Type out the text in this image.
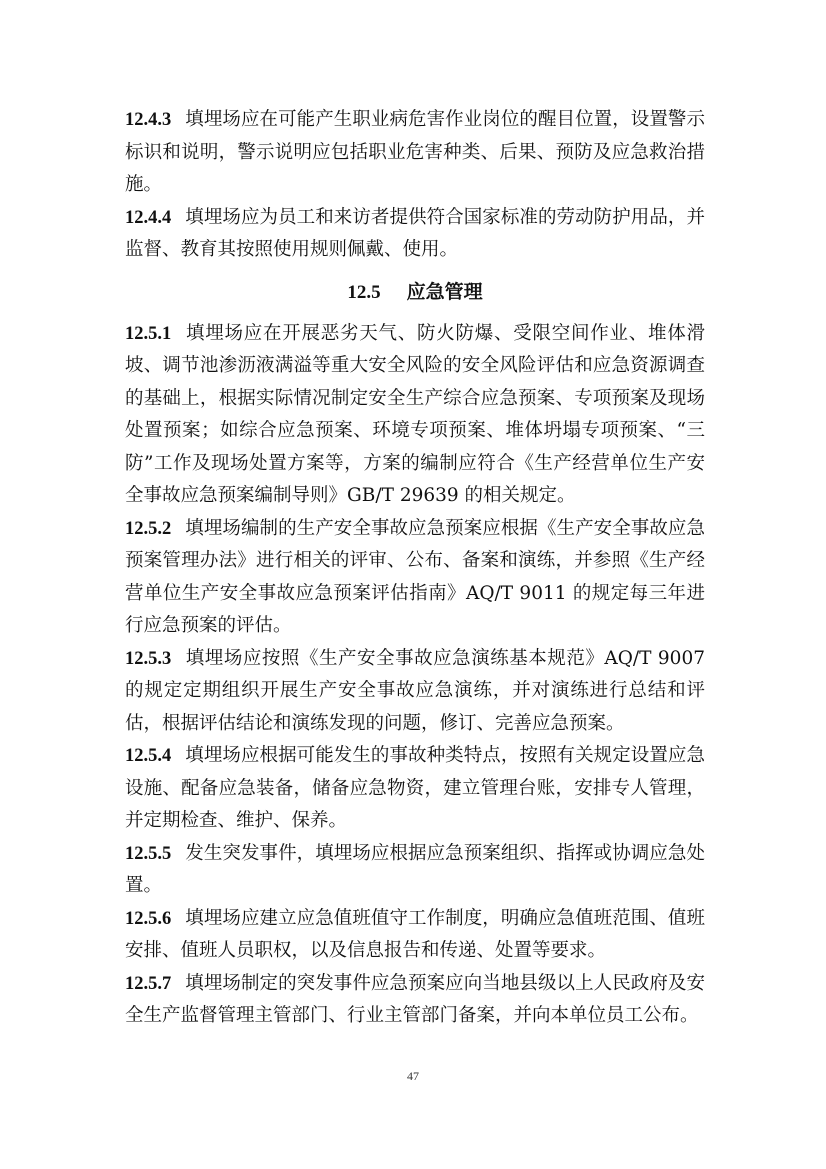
12.4.3 填埋场应在可能产生职业病危害作业岗位的醒目位置，设置警示标识和说明，警示说明应包括职业危害种类、后果、预防及应急救治措施。

12.4.4 填埋场应为员工和来访者提供符合国家标准的劳动防护用品，并监督、教育其按照使用规则佩戴、使用。

12.5 应急管理

12.5.1 填埋场应在开展恶劣天气、防火防爆、受限空间作业、堆体滑坡、调节池渗沥液满溢等重大安全风险的安全风险评估和应急资源调查的基础上，根据实际情况制定安全生产综合应急预案、专项预案及现场处置预案；如综合应急预案、环境专项预案、堆体坍塌专项预案、“三防”工作及现场处置方案等，方案的编制应符合《生产经营单位生产安全事故应急预案编制导则》GB/T 29639 的相关规定。

12.5.2 填埋场编制的生产安全事故应急预案应根据《生产安全事故应急预案管理办法》进行相关的评审、公布、备案和演练，并参照《生产经营单位生产安全事故应急预案评估指南》AQ/T 9011 的规定每三年进行应急预案的评估。

12.5.3 填埋场应按照《生产安全事故应急演练基本规范》AQ/T 9007 的规定定期组织开展生产安全事故应急演练，并对演练进行总结和评估，根据评估结论和演练发现的问题，修订、完善应急预案。

12.5.4 填埋场应根据可能发生的事故种类特点，按照有关规定设置应急设施、配备应急装备，储备应急物资，建立管理台账，安排专人管理，并定期检查、维护、保养。

12.5.5 发生突发事件，填埋场应根据应急预案组织、指挥或协调应急处置。

12.5.6 填埋场应建立应急值班值守工作制度，明确应急值班范围、值班安排、值班人员职权，以及信息报告和传递、处置等要求。

12.5.7 填埋场制定的突发事件应急预案应向当地县级以上人民政府及安全生产监督管理主管部门、行业主管部门备案，并向本单位员工公布。

47
